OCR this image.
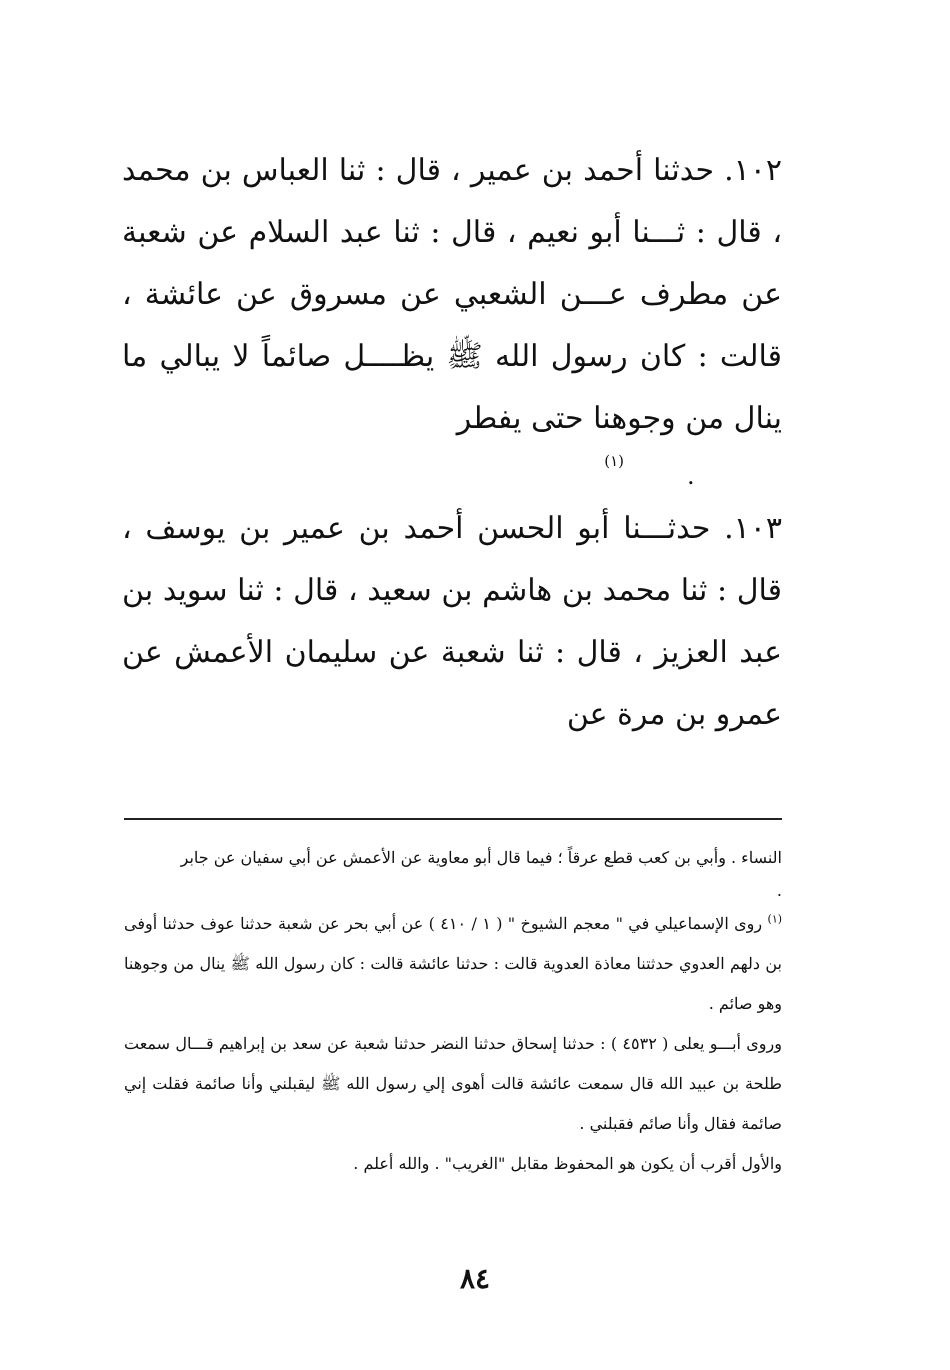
١٠٢. حدثنا أحمد بن عمير ، قال : ثنا العباس بن محمد ، قال : ثـــنا أبو نعيم ، قال : ثنا عبد السلام عن شعبة عن مطرف عـــن الشعبي عن مسروق عن عائشة ، قالت : كان رسول الله ﷺ يظــــل صائماً لا يبالي ما ينال من وجوهنا حتى يفطر

$^{(١)}$
.

١٠٣. حدثـــنا أبو الحسن أحمد بن عمير بن يوسف ، قال : ثنا محمد بن هاشم بن سعيد ، قال : ثنا سويد بن عبد العزيز ، قال : ثنا شعبة عن سليمان الأعمش عن عمرو بن مرة عن

النساء . وأبي بن كعب قطع عرقاً ؛ فيما قال أبو معاوية عن الأعمش عن أبي سفيان عن جابر

.

$^{(١)}$ روى الإسماعيلي في " معجم الشيوخ " ( ١ / ٤١٠ ) عن أبي بحر عن شعبة حدثنا عوف حدثنا أوفى بن دلهم العدوي حدثتنا معاذة العدوية قالت : حدثنا عائشة قالت : كان رسول الله ﷺ ينال من وجوهنا وهو صائم .

وروى أبـــو يعلى ( ٤٥٣٢ ) : حدثنا إسحاق حدثنا النضر حدثنا شعبة عن سعد بن إبراهيم قـــال سمعت طلحة بن عبيد الله قال سمعت عائشة قالت أهوى إلي رسول الله ﷺ ليقبلني وأنا صائمة فقلت إني صائمة فقال وأنا صائم فقبلني .

والأول أقرب أن يكون هو المحفوظ مقابل "الغريب" . والله أعلم .

٨٤
